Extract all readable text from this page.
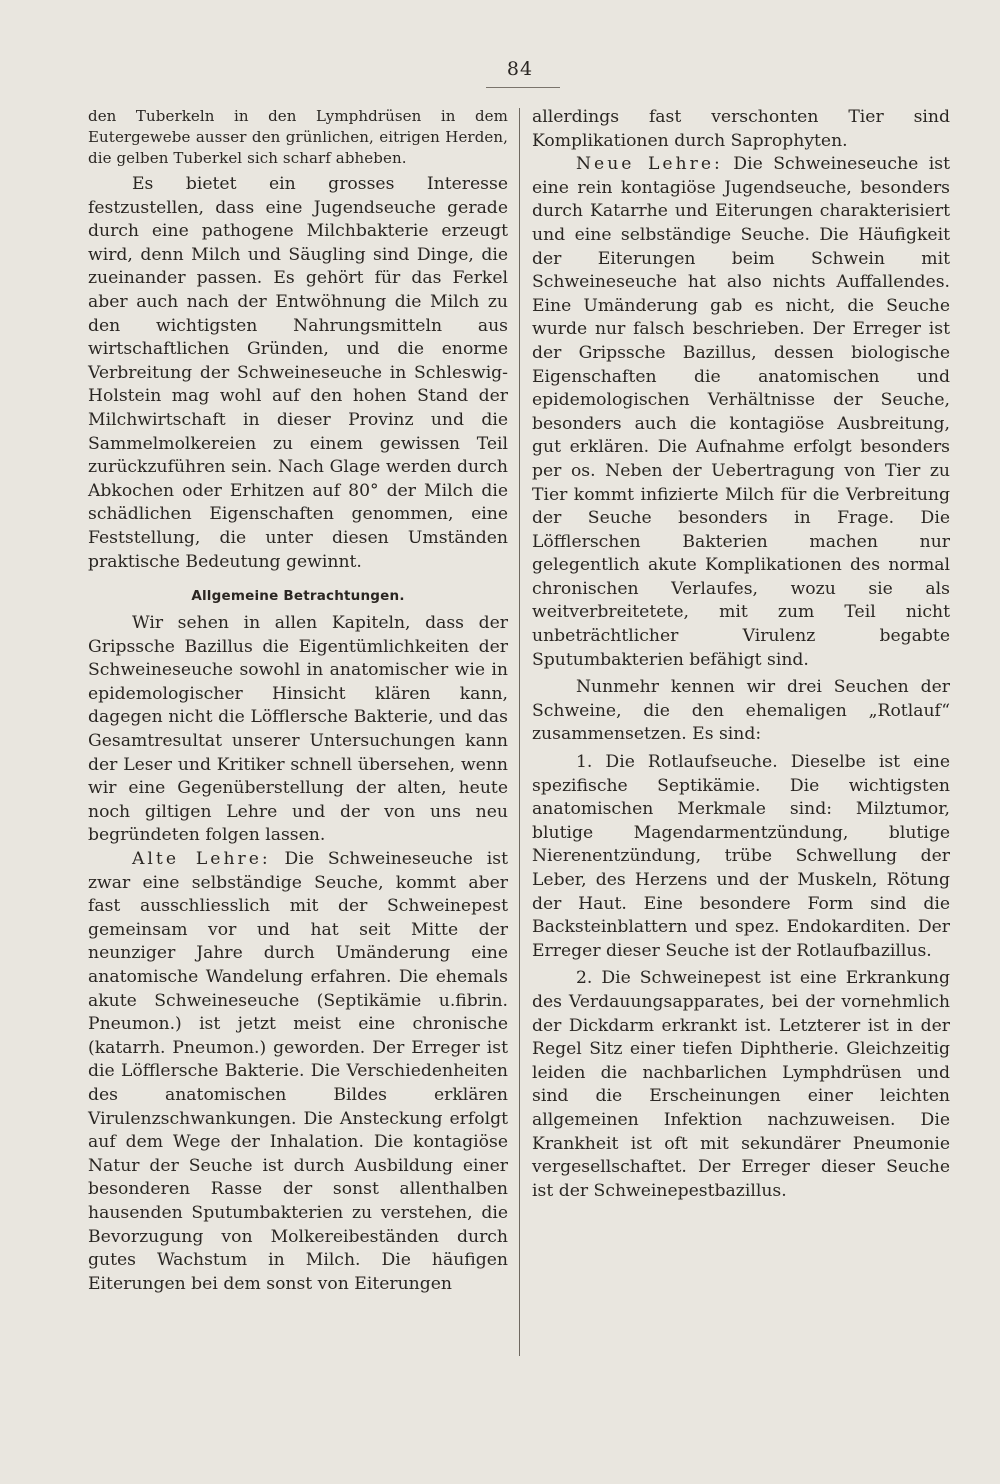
84

den Tuberkeln in den Lymphdrüsen in dem Eutergewebe ausser den grünlichen, eitrigen Herden, die gelben Tuberkel sich scharf abheben.

Es bietet ein grosses Interesse festzustellen, dass eine Jugendseuche gerade durch eine pathogene Milchbakterie erzeugt wird, denn Milch und Säugling sind Dinge, die zueinander passen. Es gehört für das Ferkel aber auch nach der Entwöhnung die Milch zu den wichtigsten Nahrungsmitteln aus wirtschaftlichen Gründen, und die enorme Verbreitung der Schweineseuche in Schleswig-Holstein mag wohl auf den hohen Stand der Milchwirtschaft in dieser Provinz und die Sammelmolkereien zu einem gewissen Teil zurückzuführen sein. Nach Glage werden durch Abkochen oder Erhitzen auf 80° der Milch die schädlichen Eigenschaften genommen, eine Feststellung, die unter diesen Umständen praktische Bedeutung gewinnt.

Allgemeine Betrachtungen.

Wir sehen in allen Kapiteln, dass der Gripssche Bazillus die Eigentümlichkeiten der Schweineseuche sowohl in anatomischer wie in epidemologischer Hinsicht klären kann, dagegen nicht die Löfflersche Bakterie, und das Gesamtresultat unserer Untersuchungen kann der Leser und Kritiker schnell übersehen, wenn wir eine Gegenüberstellung der alten, heute noch giltigen Lehre und der von uns neu begründeten folgen lassen.

Alte Lehre: Die Schweineseuche ist zwar eine selbständige Seuche, kommt aber fast ausschliesslich mit der Schweinepest gemeinsam vor und hat seit Mitte der neunziger Jahre durch Umänderung eine anatomische Wandelung erfahren. Die ehemals akute Schweineseuche (Septikämie u.fibrin. Pneumon.) ist jetzt meist eine chronische (katarrh. Pneumon.) geworden. Der Erreger ist die Löfflersche Bakterie. Die Verschiedenheiten des anatomischen Bildes erklären Virulenzschwankungen. Die Ansteckung erfolgt auf dem Wege der Inhalation. Die kontagiöse Natur der Seuche ist durch Ausbildung einer besonderen Rasse der sonst allenthalben hausenden Sputumbakterien zu verstehen, die Bevorzugung von Molkereibeständen durch gutes Wachstum in Milch. Die häufigen Eiterungen bei dem sonst von Eiterungen

allerdings fast verschonten Tier sind Komplikationen durch Saprophyten.

Neue Lehre: Die Schweineseuche ist eine rein kontagiöse Jugendseuche, besonders durch Katarrhe und Eiterungen charakterisiert und eine selbständige Seuche. Die Häufigkeit der Eiterungen beim Schwein mit Schweineseuche hat also nichts Auffallendes. Eine Umänderung gab es nicht, die Seuche wurde nur falsch beschrieben. Der Erreger ist der Gripssche Bazillus, dessen biologische Eigenschaften die anatomischen und epidemologischen Verhältnisse der Seuche, besonders auch die kontagiöse Ausbreitung, gut erklären. Die Aufnahme erfolgt besonders per os. Neben der Uebertragung von Tier zu Tier kommt infizierte Milch für die Verbreitung der Seuche besonders in Frage. Die Löfflerschen Bakterien machen nur gelegentlich akute Komplikationen des normal chronischen Verlaufes, wozu sie als weitverbreitetete, mit zum Teil nicht unbeträchtlicher Virulenz begabte Sputumbakterien befähigt sind.

Nunmehr kennen wir drei Seuchen der Schweine, die den ehemaligen „Rotlauf“ zusammensetzen. Es sind:

1. Die Rotlaufseuche. Dieselbe ist eine spezifische Septikämie. Die wichtigsten anatomischen Merkmale sind: Milztumor, blutige Magendarmentzündung, blutige Nierenentzündung, trübe Schwellung der Leber, des Herzens und der Muskeln, Rötung der Haut. Eine besondere Form sind die Backsteinblattern und spez. Endokarditen. Der Erreger dieser Seuche ist der Rotlaufbazillus.

2. Die Schweinepest ist eine Erkrankung des Verdauungsapparates, bei der vornehmlich der Dickdarm erkrankt ist. Letzterer ist in der Regel Sitz einer tiefen Diphtherie. Gleichzeitig leiden die nachbarlichen Lymphdrüsen und sind die Erscheinungen einer leichten allgemeinen Infektion nachzuweisen. Die Krankheit ist oft mit sekundärer Pneumonie vergesellschaftet. Der Erreger dieser Seuche ist der Schweinepestbazillus.
